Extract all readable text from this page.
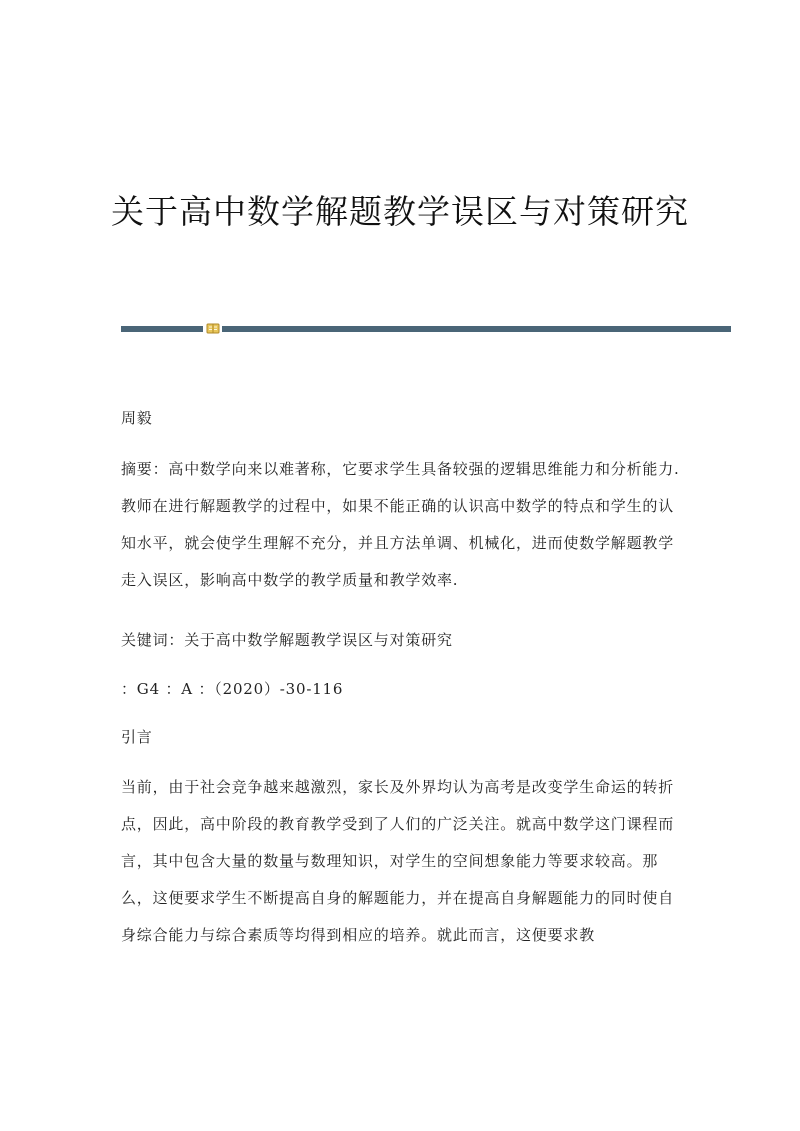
关于高中数学解题教学误区与对策研究

周毅

摘要：高中数学向来以难著称，它要求学生具备较强的逻辑思维能力和分析能力.教师在进行解题教学的过程中，如果不能正确的认识高中数学的特点和学生的认知水平，就会使学生理解不充分，并且方法单调、机械化，进而使数学解题教学走入误区，影响高中数学的教学质量和教学效率.

关键词：关于高中数学解题教学误区与对策研究

：G4 ：A ：（2020）-30-116

引言

当前，由于社会竞争越来越激烈，家长及外界均认为高考是改变学生命运的转折点，因此，高中阶段的教育教学受到了人们的广泛关注。就高中数学这门课程而言，其中包含大量的数量与数理知识，对学生的空间想象能力等要求较高。那么，这便要求学生不断提高自身的解题能力，并在提高自身解题能力的同时使自身综合能力与综合素质等均得到相应的培养。就此而言，这便要求教
